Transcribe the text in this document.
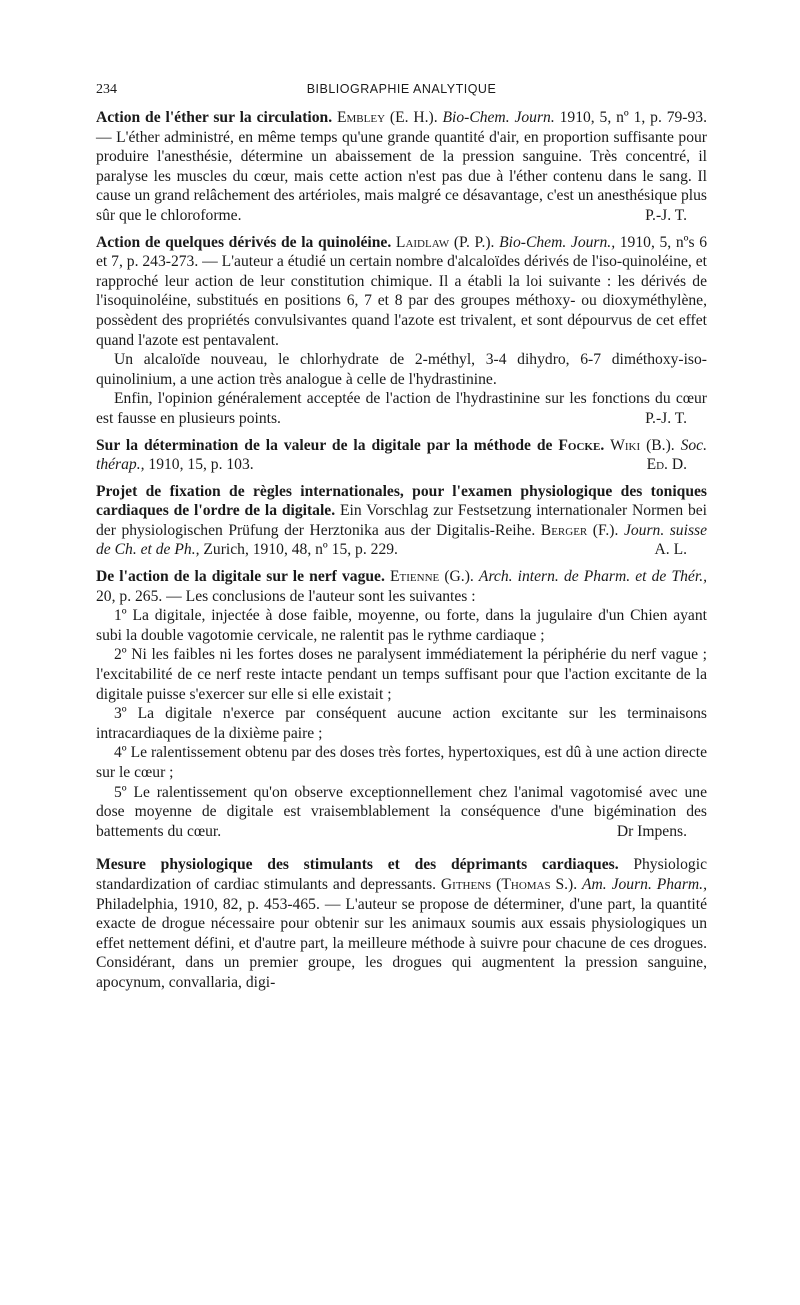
234	BIBLIOGRAPHIE ANALYTIQUE

Action de l'éther sur la circulation. Embley (E. H.). Bio-Chem. Journ. 1910, 5, nº 1, p. 79-93. — L'éther administré, en même temps qu'une grande quantité d'air, en proportion suffisante pour produire l'anesthésie, détermine un abaissement de la pression sanguine. Très concentré, il paralyse les muscles du cœur, mais cette action n'est pas due à l'éther contenu dans le sang. Il cause un grand relâchement des artérioles, mais malgré ce désavantage, c'est un anesthésique plus sûr que le chloroforme.	P.-J. T.

Action de quelques dérivés de la quinoléine. Laidlaw (P. P.). Bio-Chem. Journ., 1910, 5, nºs 6 et 7, p. 243-273. — L'auteur a étudié un certain nombre d'alcaloïdes dérivés de l'iso-quinoléine, et rapproché leur action de leur constitution chimique. Il a établi la loi suivante : les dérivés de l'isoquinoléine, substitués en positions 6, 7 et 8 par des groupes méthoxy- ou dioxyméthylène, possèdent des propriétés convulsivantes quand l'azote est trivalent, et sont dépourvus de cet effet quand l'azote est pentavalent.

Un alcaloïde nouveau, le chlorhydrate de 2-méthyl, 3-4 dihydro, 6-7 diméthoxy-iso-quinolinium, a une action très analogue à celle de l'hydrastinine.

Enfin, l'opinion généralement acceptée de l'action de l'hydrastinine sur les fonctions du cœur est fausse en plusieurs points.	P.-J. T.

Sur la détermination de la valeur de la digitale par la méthode de Focke. Wiki (B.). Soc. thérap., 1910, 15, p. 103.	Ed. D.

Projet de fixation de règles internationales, pour l'examen physiologique des toniques cardiaques de l'ordre de la digitale. Ein Vorschlag zur Festsetzung internationaler Normen bei der physiologischen Prüfung der Herztonika aus der Digitalis-Reihe. Berger (F.). Journ. suisse de Ch. et de Ph., Zurich, 1910, 48, nº 15, p. 229.	A. L.

De l'action de la digitale sur le nerf vague. Etienne (G.). Arch. intern. de Pharm. et de Thér., 20, p. 265. — Les conclusions de l'auteur sont les suivantes :

1º La digitale, injectée à dose faible, moyenne, ou forte, dans la jugulaire d'un Chien ayant subi la double vagotomie cervicale, ne ralentit pas le rythme cardiaque ;

2º Ni les faibles ni les fortes doses ne paralysent immédiatement la périphérie du nerf vague ; l'excitabilité de ce nerf reste intacte pendant un temps suffisant pour que l'action excitante de la digitale puisse s'exercer sur elle si elle existait ;

3º La digitale n'exerce par conséquent aucune action excitante sur les terminaisons intracardiaques de la dixième paire ;

4º Le ralentissement obtenu par des doses très fortes, hypertoxiques, est dû à une action directe sur le cœur ;

5º Le ralentissement qu'on observe exceptionnellement chez l'animal vagotomisé avec une dose moyenne de digitale est vraisemblablement la conséquence d'une bigémination des battements du cœur.	Dr Impens.

Mesure physiologique des stimulants et des déprimants cardiaques. Physiologic standardization of cardiac stimulants and depressants. Githens (Thomas S.). Am. Journ. Pharm., Philadelphia, 1910, 82, p. 453-465. — L'auteur se propose de déterminer, d'une part, la quantité exacte de drogue nécessaire pour obtenir sur les animaux soumis aux essais physiologiques un effet nettement défini, et d'autre part, la meilleure méthode à suivre pour chacune de ces drogues. Considérant, dans un premier groupe, les drogues qui augmentent la pression sanguine, apocynum, convallaria, digi-
